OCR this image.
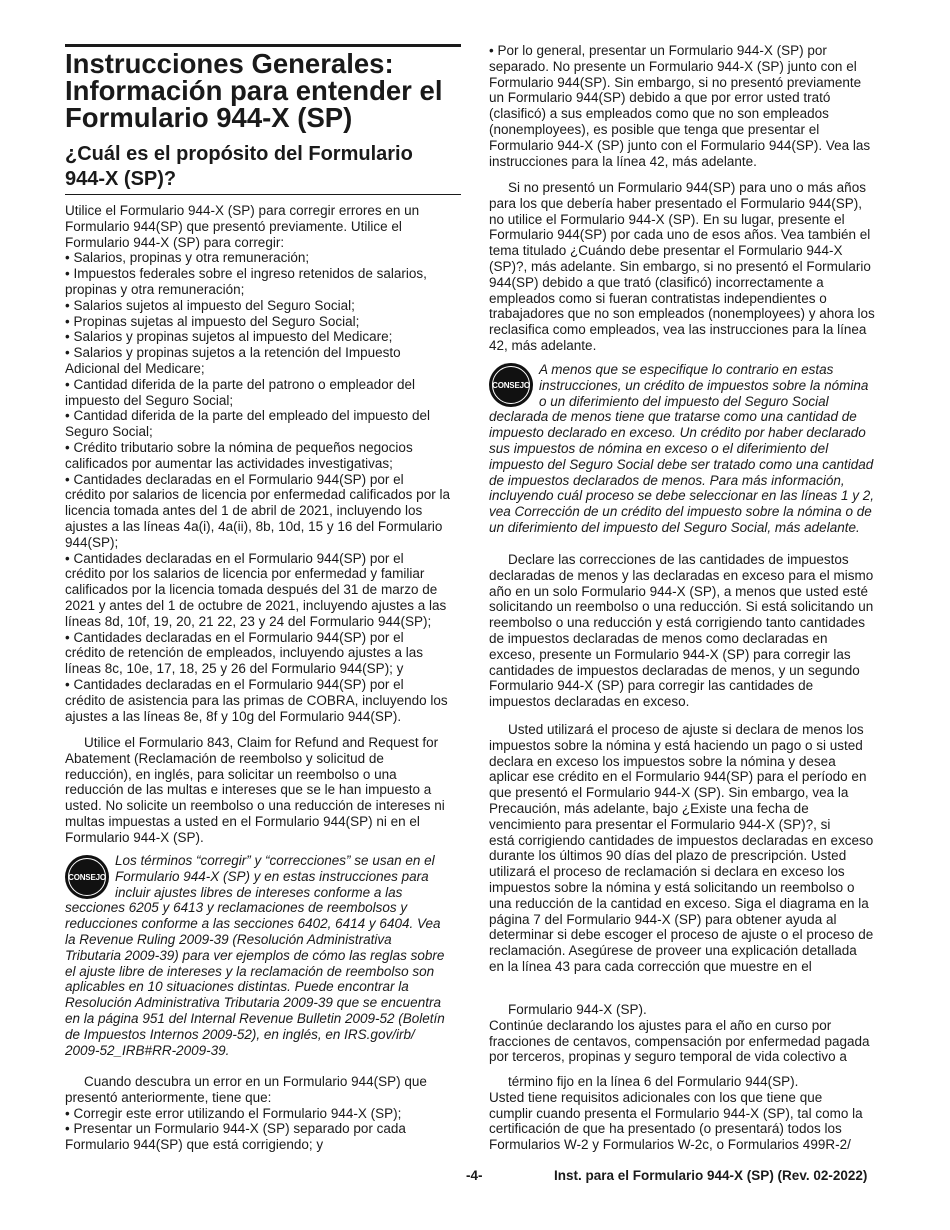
Instrucciones Generales:
Información para entender el
Formulario 944-X (SP)
¿Cuál es el propósito del Formulario
944-X (SP)?
Utilice el Formulario 944-X (SP) para corregir errores en un
Formulario 944(SP) que presentó previamente. Utilice el
Formulario 944-X (SP) para corregir:
• Salarios, propinas y otra remuneración;
• Impuestos federales sobre el ingreso retenidos de salarios,
propinas y otra remuneración;
• Salarios sujetos al impuesto del Seguro Social;
• Propinas sujetas al impuesto del Seguro Social;
• Salarios y propinas sujetos al impuesto del Medicare;
• Salarios y propinas sujetos a la retención del Impuesto
Adicional del Medicare;
• Cantidad diferida de la parte del patrono o empleador del
impuesto del Seguro Social;
• Cantidad diferida de la parte del empleado del impuesto del
Seguro Social;
• Crédito tributario sobre la nómina de pequeños negocios
calificados por aumentar las actividades investigativas;
• Cantidades declaradas en el Formulario 944(SP) por el
crédito por salarios de licencia por enfermedad calificados por la
licencia tomada antes del 1 de abril de 2021, incluyendo los
ajustes a las líneas 4a(i), 4a(ii), 8b, 10d, 15 y 16 del Formulario
944(SP);
• Cantidades declaradas en el Formulario 944(SP) por el
crédito por los salarios de licencia por enfermedad y familiar
calificados por la licencia tomada después del 31 de marzo de
2021 y antes del 1 de octubre de 2021, incluyendo ajustes a las
líneas 8d, 10f, 19, 20, 21 22, 23 y 24 del Formulario 944(SP);
• Cantidades declaradas en el Formulario 944(SP) por el
crédito de retención de empleados, incluyendo ajustes a las
líneas 8c, 10e, 17, 18, 25 y 26 del Formulario 944(SP); y
• Cantidades declaradas en el Formulario 944(SP) por el
crédito de asistencia para las primas de COBRA, incluyendo los
ajustes a las líneas 8e, 8f y 10g del Formulario 944(SP).
Utilice el Formulario 843, Claim for Refund and Request for
Abatement (Reclamación de reembolso y solicitud de
reducción), en inglés, para solicitar un reembolso o una
reducción de las multas e intereses que se le han impuesto a
usted. No solicite un reembolso o una reducción de intereses ni
multas impuestas a usted en el Formulario 944(SP) ni en el
Formulario 944-X (SP).
Los términos “corregir” y “correcciones” se usan en el
Formulario 944-X (SP) y en estas instrucciones para
incluir ajustes libres de intereses conforme a las
secciones 6205 y 6413 y reclamaciones de reembolsos y
reducciones conforme a las secciones 6402, 6414 y 6404. Vea
la Revenue Ruling 2009-39 (Resolución Administrativa
Tributaria 2009-39) para ver ejemplos de cómo las reglas sobre
el ajuste libre de intereses y la reclamación de reembolso son
aplicables en 10 situaciones distintas. Puede encontrar la
Resolución Administrativa Tributaria 2009-39 que se encuentra
en la página 951 del Internal Revenue Bulletin 2009-52 (Boletín
de Impuestos Internos 2009-52), en inglés, en IRS.gov/irb/
2009-52_IRB#RR-2009-39.
Cuando descubra un error en un Formulario 944(SP) que
presentó anteriormente, tiene que:
• Corregir este error utilizando el Formulario 944-X (SP);
• Presentar un Formulario 944-X (SP) separado por cada
Formulario 944(SP) que está corrigiendo; y
• Por lo general, presentar un Formulario 944-X (SP) por
separado. No presente un Formulario 944-X (SP) junto con el
Formulario 944(SP). Sin embargo, si no presentó previamente
un Formulario 944(SP) debido a que por error usted trató
(clasificó) a sus empleados como que no son empleados
(nonemployees), es posible que tenga que presentar el
Formulario 944-X (SP) junto con el Formulario 944(SP). Vea las
instrucciones para la línea 42, más adelante.
Si no presentó un Formulario 944(SP) para uno o más años
para los que debería haber presentado el Formulario 944(SP),
no utilice el Formulario 944-X (SP). En su lugar, presente el
Formulario 944(SP) por cada uno de esos años. Vea también el
tema titulado ¿Cuándo debe presentar el Formulario 944-X
(SP)?, más adelante. Sin embargo, si no presentó el Formulario
944(SP) debido a que trató (clasificó) incorrectamente a
empleados como si fueran contratistas independientes o
trabajadores que no son empleados (nonemployees) y ahora los
reclasifica como empleados, vea las instrucciones para la línea
42, más adelante.
A menos que se especifique lo contrario en estas
instrucciones, un crédito de impuestos sobre la nómina
o un diferimiento del impuesto del Seguro Social
declarada de menos tiene que tratarse como una cantidad de
impuesto declarado en exceso. Un crédito por haber declarado
sus impuestos de nómina en exceso o el diferimiento del
impuesto del Seguro Social debe ser tratado como una cantidad
de impuestos declarados de menos. Para más información,
incluyendo cuál proceso se debe seleccionar en las líneas 1 y 2,
vea Corrección de un crédito del impuesto sobre la nómina o de
un diferimiento del impuesto del Seguro Social, más adelante.
Declare las correcciones de las cantidades de impuestos
declaradas de menos y las declaradas en exceso para el mismo
año en un solo Formulario 944-X (SP), a menos que usted esté
solicitando un reembolso o una reducción. Si está solicitando un
reembolso o una reducción y está corrigiendo tanto cantidades
de impuestos declaradas de menos como declaradas en
exceso, presente un Formulario 944-X (SP) para corregir las
cantidades de impuestos declaradas de menos, y un segundo
Formulario 944-X (SP) para corregir las cantidades de
impuestos declaradas en exceso.
Usted utilizará el proceso de ajuste si declara de menos los
impuestos sobre la nómina y está haciendo un pago o si usted
declara en exceso los impuestos sobre la nómina y desea
aplicar ese crédito en el Formulario 944(SP) para el período en
que presentó el Formulario 944-X (SP). Sin embargo, vea la
Precaución, más adelante, bajo ¿Existe una fecha de
vencimiento para presentar el Formulario 944-X (SP)?, si
está corrigiendo cantidades de impuestos declaradas en exceso
durante los últimos 90 días del plazo de prescripción. Usted
utilizará el proceso de reclamación si declara en exceso los
impuestos sobre la nómina y está solicitando un reembolso o
una reducción de la cantidad en exceso. Siga el diagrama en la
página 7 del Formulario 944-X (SP) para obtener ayuda al
determinar si debe escoger el proceso de ajuste o el proceso de
reclamación. Asegúrese de proveer una explicación detallada
en la línea 43 para cada corrección que muestre en el
Formulario 944-X (SP).
Continúe declarando los ajustes para el año en curso por
fracciones de centavos, compensación por enfermedad pagada
por terceros, propinas y seguro temporal de vida colectivo a
término fijo en la línea 6 del Formulario 944(SP).
Usted tiene requisitos adicionales con los que tiene que
cumplir cuando presenta el Formulario 944-X (SP), tal como la
certificación de que ha presentado (o presentará) todos los
Formularios W-2 y Formularios W-2c, o Formularios 499R-2/
CONSEJO
CONSEJO
-4-	Inst. para el Formulario 944-X (SP) (Rev. 02-2022)
